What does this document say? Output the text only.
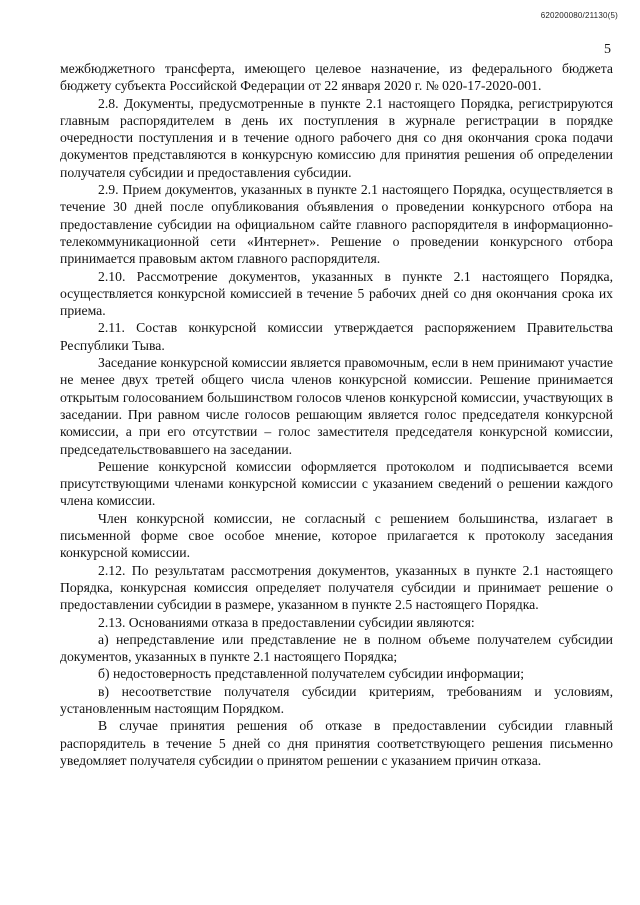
620200080/21130(5)
5

межбюджетного трансферта, имеющего целевое назначение, из федерального бюджета бюджету субъекта Российской Федерации от 22 января 2020 г. № 020-17-2020-001.

2.8. Документы, предусмотренные в пункте 2.1 настоящего Порядка, регистрируются главным распорядителем в день их поступления в журнале регистрации в порядке очередности поступления и в течение одного рабочего дня со дня окончания срока подачи документов представляются в конкурсную комиссию для принятия решения об определении получателя субсидии и предоставления субсидии.

2.9. Прием документов, указанных в пункте 2.1 настоящего Порядка, осуществляется в течение 30 дней после опубликования объявления о проведении конкурсного отбора на предоставление субсидии на официальном сайте главного распорядителя в информационно-телекоммуникационной сети «Интернет». Решение о проведении конкурсного отбора принимается правовым актом главного распорядителя.

2.10. Рассмотрение документов, указанных в пункте 2.1 настоящего Порядка, осуществляется конкурсной комиссией в течение 5 рабочих дней со дня окончания срока их приема.

2.11. Состав конкурсной комиссии утверждается распоряжением Правительства Республики Тыва.

Заседание конкурсной комиссии является правомочным, если в нем принимают участие не менее двух третей общего числа членов конкурсной комиссии. Решение принимается открытым голосованием большинством голосов членов конкурсной комиссии, участвующих в заседании. При равном числе голосов решающим является голос председателя конкурсной комиссии, а при его отсутствии – голос заместителя председателя конкурсной комиссии, председательствовавшего на заседании.

Решение конкурсной комиссии оформляется протоколом и подписывается всеми присутствующими членами конкурсной комиссии с указанием сведений о решении каждого члена комиссии.

Член конкурсной комиссии, не согласный с решением большинства, излагает в письменной форме свое особое мнение, которое прилагается к протоколу заседания конкурсной комиссии.

2.12. По результатам рассмотрения документов, указанных в пункте 2.1 настоящего Порядка, конкурсная комиссия определяет получателя субсидии и принимает решение о предоставлении субсидии в размере, указанном в пункте 2.5 настоящего Порядка.

2.13. Основаниями отказа в предоставлении субсидии являются:

а) непредставление или представление не в полном объеме получателем субсидии документов, указанных в пункте 2.1 настоящего Порядка;

б) недостоверность представленной получателем субсидии информации;

в) несоответствие получателя субсидии критериям, требованиям и условиям, установленным настоящим Порядком.

В случае принятия решения об отказе в предоставлении субсидии главный распорядитель в течение 5 дней со дня принятия соответствующего решения письменно уведомляет получателя субсидии о принятом решении с указанием причин отказа.
